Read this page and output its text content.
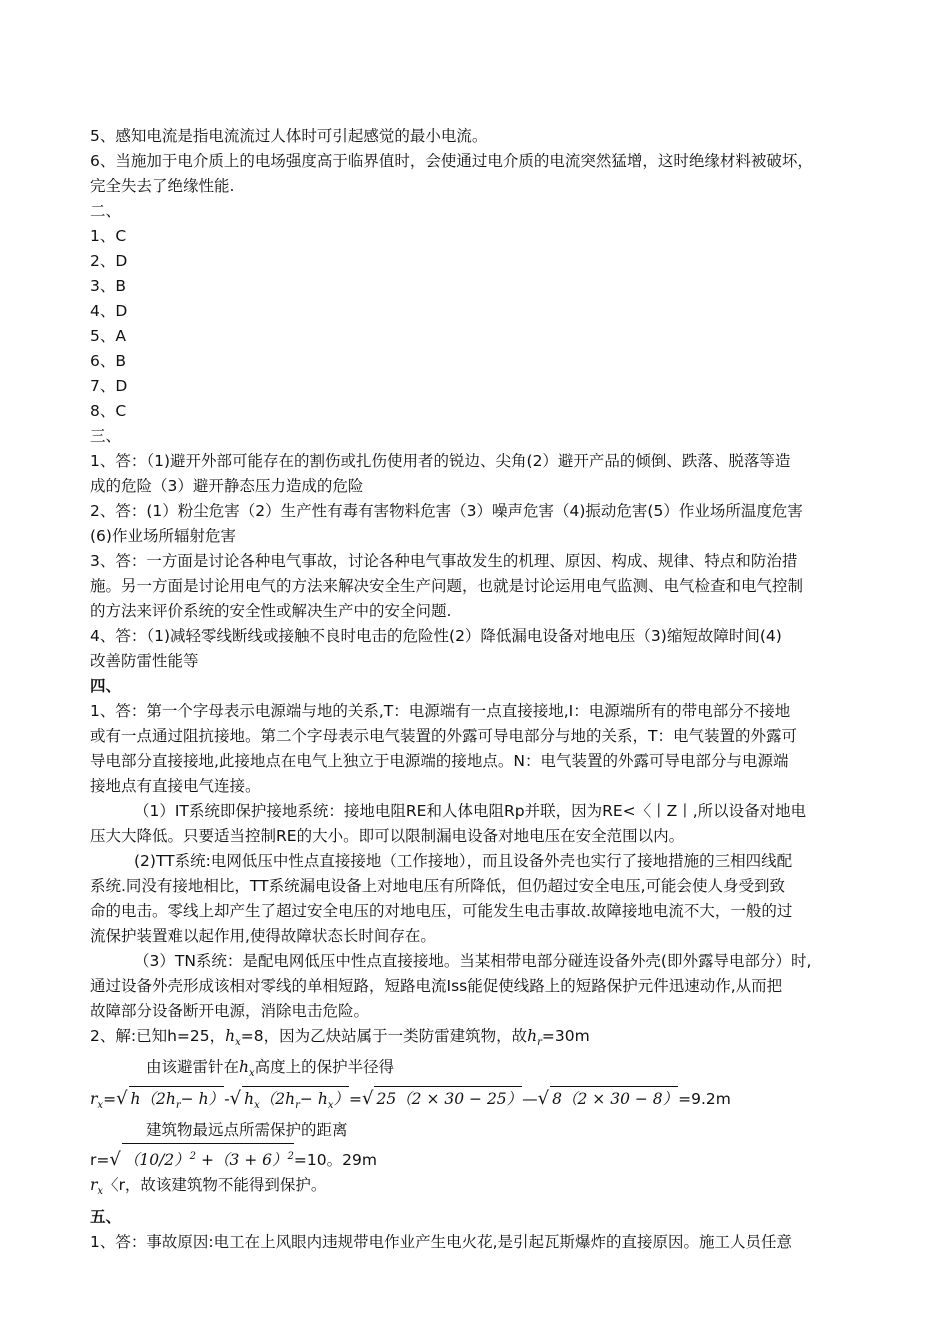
5、感知电流是指电流流过人体时可引起感觉的最小电流。

6、当施加于电介质上的电场强度高于临界值时，会使通过电介质的电流突然猛增，这时绝缘材料被破坏，

完全失去了绝缘性能.

二、

1、C

2、D

3、B

4、D

5、A

6、B

7、D

8、C

三、

1、答：（1)避开外部可能存在的割伤或扎伤使用者的锐边、尖角(2）避开产品的倾倒、跌落、脱落等造

成的危险（3）避开静态压力造成的危险

2、答：(1）粉尘危害（2）生产性有毒有害物料危害（3）噪声危害（4)振动危害(5）作业场所温度危害

(6)作业场所辐射危害

3、答：一方面是讨论各种电气事故，讨论各种电气事故发生的机理、原因、构成、规律、特点和防治措

施。另一方面是讨论用电气的方法来解决安全生产问题，也就是讨论运用电气监测、电气检查和电气控制

的方法来评价系统的安全性或解决生产中的安全问题.

4、答：（1)减轻零线断线或接触不良时电击的危险性(2）降低漏电设备对地电压（3)缩短故障时间(4)

改善防雷性能等

四、

1、答：第一个字母表示电源端与地的关系,T：电源端有一点直接接地,I：电源端所有的带电部分不接地

或有一点通过阻抗接地。第二个字母表示电气装置的外露可导电部分与地的关系，T：电气装置的外露可

导电部分直接接地,此接地点在电气上独立于电源端的接地点。N：电气装置的外露可导电部分与电源端

接地点有直接电气连接。

（1）IT系统即保护接地系统：接地电阻RE和人体电阻Rp并联，因为RE<〈丨Z丨,所以设备对地电

压大大降低。只要适当控制RE的大小。即可以限制漏电设备对地电压在安全范围以内。

(2)TT系统:电网低压中性点直接接地（工作接地），而且设备外壳也实行了接地措施的三相四线配

系统.同没有接地相比，TT系统漏电设备上对地电压有所降低，但仍超过安全电压,可能会使人身受到致

命的电击。零线上却产生了超过安全电压的对地电压，可能发生电击事故.故障接地电流不大，一般的过

流保护装置难以起作用,使得故障状态长时间存在。

（3）TN系统：是配电网低压中性点直接接地。当某相带电部分碰连设备外壳(即外露导电部分）时,

通过设备外壳形成该相对零线的单相短路，短路电流Iss能促使线路上的短路保护元件迅速动作,从而把

故障部分设备断开电源，消除电击危险。

2、解:已知h=25，$h_x=8$，因为乙炔站属于一类防雷建筑物，故$h_r=30m$

由该避雷针在$h_x$高度上的保护半径得

$r_x=√$ $h(2h_r- h)-√$ $h_x(2h_r- h_x)=√$ 25（2 × 30 − 25）—√ 8（2 × 30 − 8）=9.2m

建筑物最远点所需保护的距离

r=√ $(10/2)^2 +(3 + 6)^2=10$。29m

$r_x$〈r，故该建筑物不能得到保护。

五、

1、答：事故原因:电工在上风眼内违规带电作业产生电火花,是引起瓦斯爆炸的直接原因。施工人员任意
